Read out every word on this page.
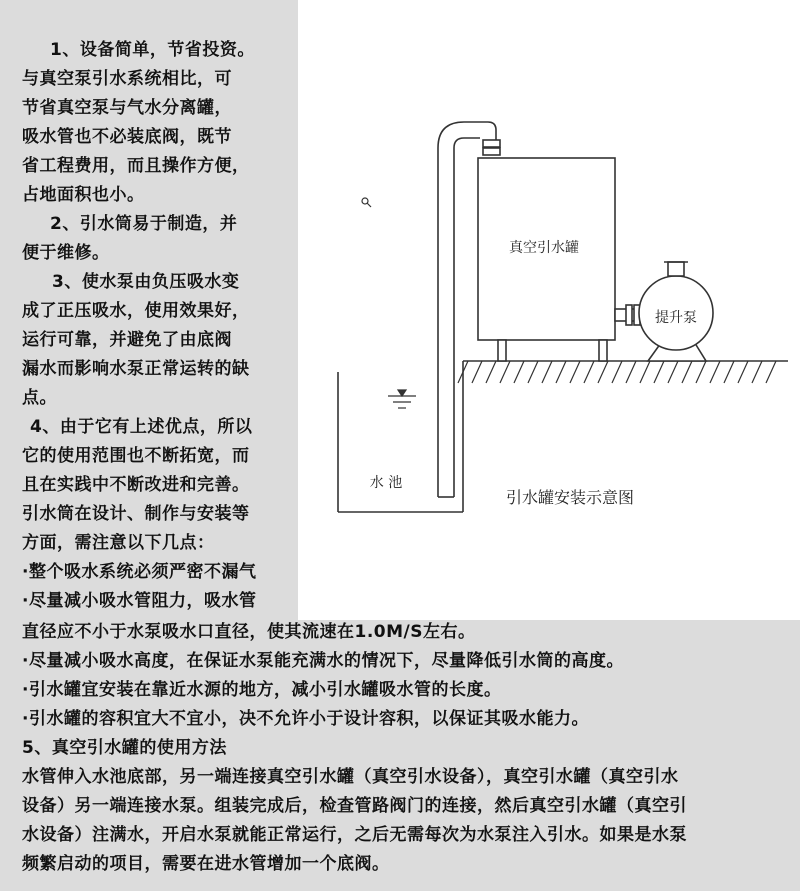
真空引水罐
提升泵
水 池
引水罐安装示意图
1、设备简单，节省投资。
与真空泵引水系统相比，可
节省真空泵与气水分离罐，
吸水管也不必装底阀，既节
省工程费用，而且操作方便，
占地面积也小。
2、引水筒易于制造，并
便于维修。
3、使水泵由负压吸水变
成了正压吸水，使用效果好，
运行可靠，并避免了由底阀
漏水而影响水泵正常运转的缺
点。
4、由于它有上述优点，所以
它的使用范围也不断拓宽，而
且在实践中不断改进和完善。
引水筒在设计、制作与安装等
方面，需注意以下几点：
·整个吸水系统必须严密不漏气
·尽量减小吸水管阻力，吸水管
直径应不小于水泵吸水口直径，使其流速在1.0M/S左右。
·尽量减小吸水高度，在保证水泵能充满水的情况下，尽量降低引水筒的高度。
·引水罐宜安装在靠近水源的地方，减小引水罐吸水管的长度。
·引水罐的容积宜大不宜小，决不允许小于设计容积，以保证其吸水能力。
5、真空引水罐的使用方法
水管伸入水池底部，另一端连接真空引水罐（真空引水设备），真空引水罐（真空引水
设备）另一端连接水泵。组装完成后，检查管路阀门的连接，然后真空引水罐（真空引
水设备）注满水，开启水泵就能正常运行，之后无需每次为水泵注入引水。如果是水泵
频繁启动的项目，需要在进水管增加一个底阀。
